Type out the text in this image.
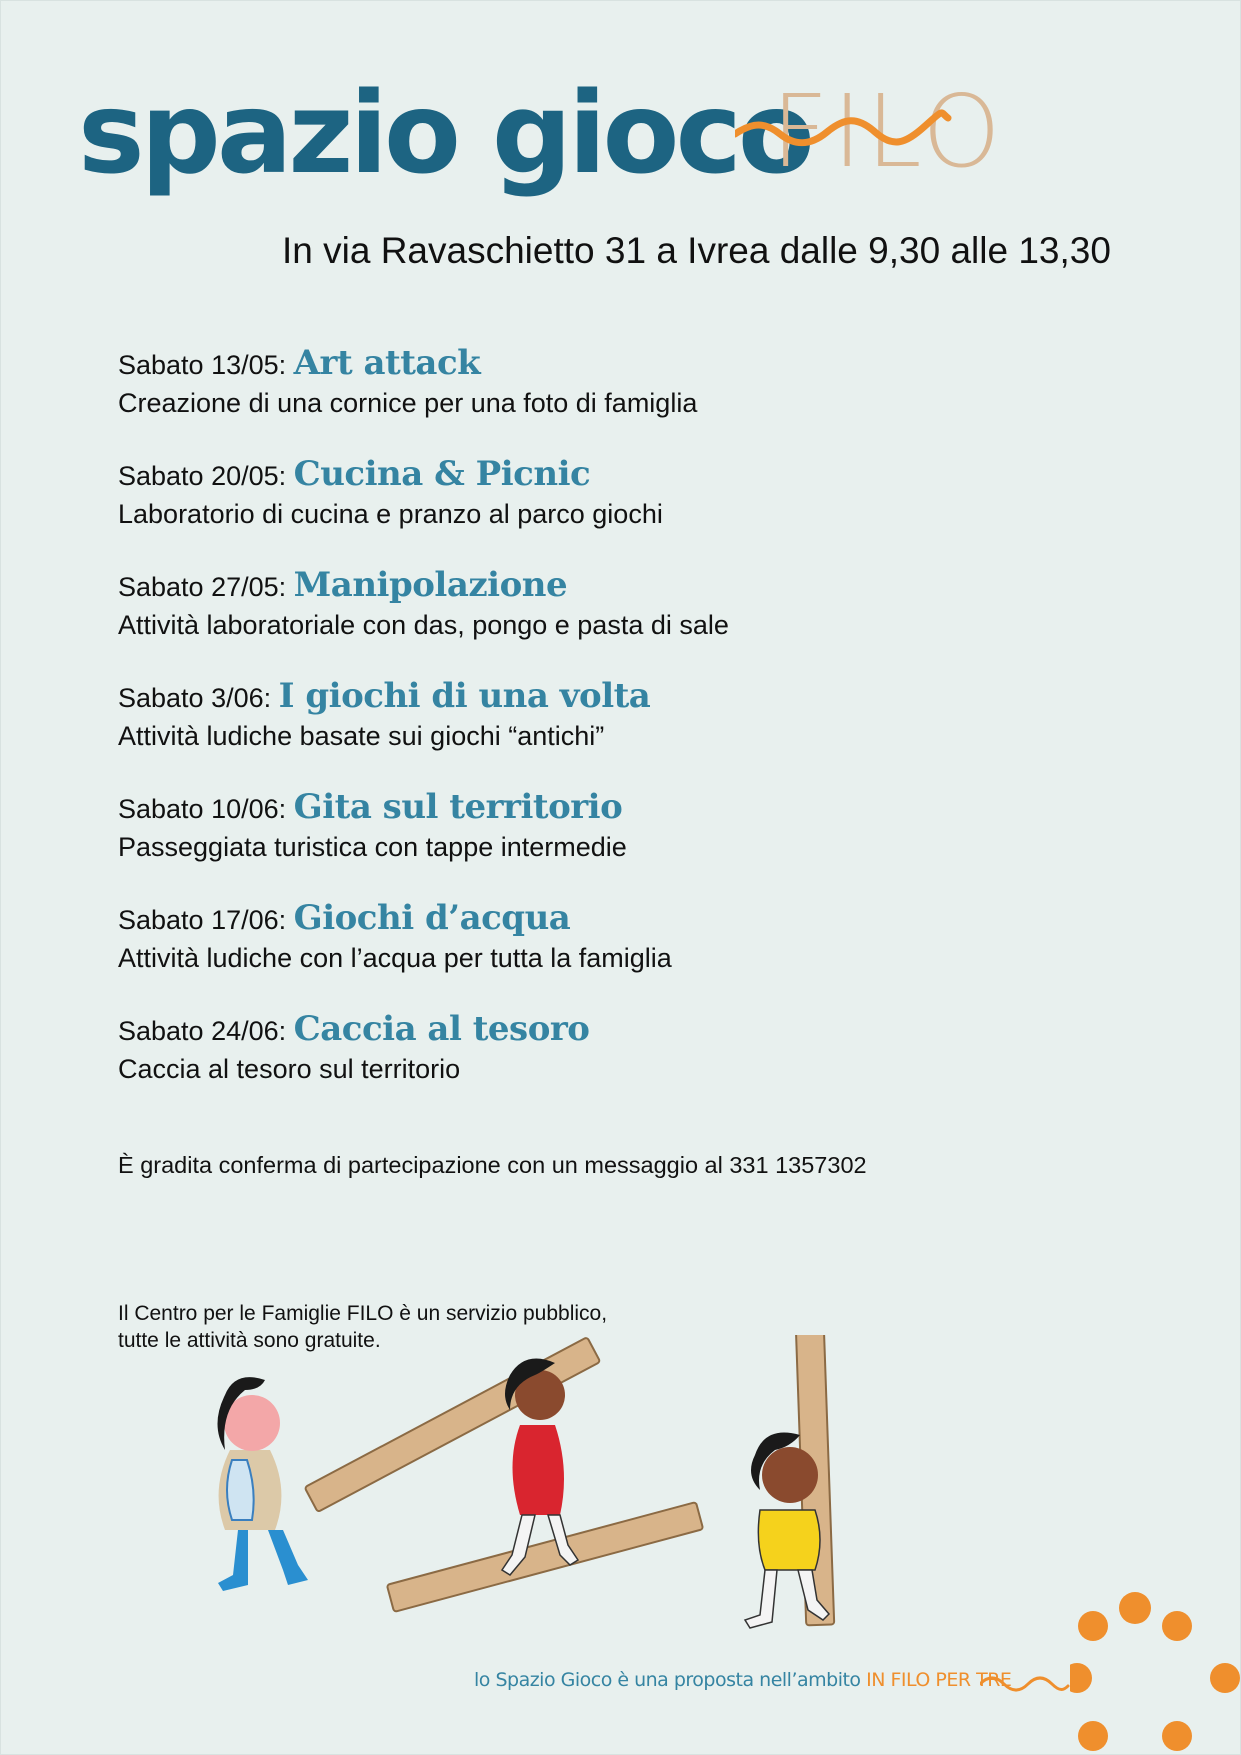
spazio gioco
FILO
In via Ravaschietto 31 a Ivrea dalle 9,30 alle 13,30
Sabato 13/05: Art attack
Creazione di una cornice per una foto di famiglia
Sabato 20/05: Cucina & Picnic
Laboratorio di cucina e pranzo al parco giochi
Sabato 27/05: Manipolazione
Attività laboratoriale con das, pongo e pasta di sale
Sabato 3/06: I giochi di una volta
Attività ludiche basate sui giochi “antichi”
Sabato 10/06: Gita sul territorio
Passeggiata turistica con tappe intermedie
Sabato 17/06: Giochi d’acqua
Attività ludiche con l’acqua per tutta la famiglia
Sabato 24/06: Caccia al tesoro
Caccia al tesoro sul territorio
È gradita conferma di partecipazione con un messaggio al 331 1357302
Il Centro per le Famiglie FILO è un servizio pubblico,
tutte le attività sono gratuite.
lo Spazio Gioco è una proposta nell’ambito IN FILO PER TRE
